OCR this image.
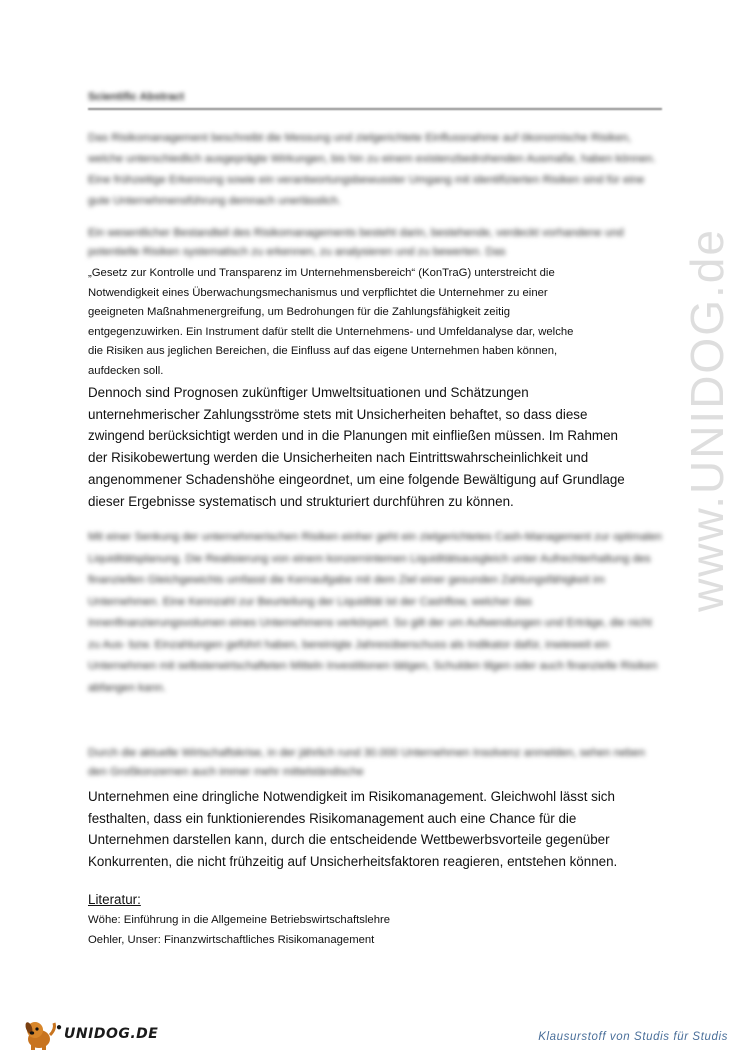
www.UNIDOG.de
Scientific Abstract

Das Risikomanagement beschreibt die Messung und zielgerichtete Einflussnahme auf ökonomische Risiken, welche unterschiedlich ausgeprägte Wirkungen, bis hin zu einem existenzbedrohenden Ausmaße, haben können. Eine frühzeitige Erkennung sowie ein verantwortungsbewusster Umgang mit identifizierten Risiken sind für eine gute Unternehmensführung demnach unerlässlich.

Ein wesentlicher Bestandteil des Risikomanagements besteht darin, bestehende, verdeckt vorhandene und potentielle Risiken systematisch zu erkennen, zu analysieren und zu bewerten. Das

„Gesetz zur Kontrolle und Transparenz im Unternehmensbereich“ (KonTraG) unterstreicht die
Notwendigkeit eines Überwachungsmechanismus und verpflichtet die Unternehmer zu einer
geeigneten Maßnahmenergreifung, um Bedrohungen für die Zahlungsfähigkeit zeitig
entgegenzuwirken. Ein Instrument dafür stellt die Unternehmens- und Umfeldanalyse dar, welche
die Risiken aus jeglichen Bereichen, die Einfluss auf das eigene Unternehmen haben können,
aufdecken soll.
Dennoch sind Prognosen zukünftiger Umweltsituationen und Schätzungen
unternehmerischer Zahlungsströme stets mit Unsicherheiten behaftet, so dass diese
zwingend berücksichtigt werden und in die Planungen mit einfließen müssen. Im Rahmen
der Risikobewertung werden die Unsicherheiten nach Eintrittswahrscheinlichkeit und
angenommener Schadenshöhe eingeordnet, um eine folgende Bewältigung auf Grundlage
dieser Ergebnisse systematisch und strukturiert durchführen zu können.

Mit einer Senkung der unternehmerischen Risiken einher geht ein zielgerichtetes Cash-Management zur optimalen Liquiditätsplanung. Die Realisierung von einem konzernintemen Liquiditätsausgleich unter Aufrechterhaltung des finanziellen Gleichgewichts umfasst die Kernaufgabe mit dem Ziel einer gesunden Zahlungsfähigkeit im Unternehmen. Eine Kennzahl zur Beurteilung der Liquidität ist der Cashflow, welcher das Innenfinanzierungsvolumen eines Unternehmens verkörpert. So gilt der um Aufwendungen und Erträge, die nicht zu Aus- bzw. Einzahlungen geführt haben, bereinigte Jahresüberschuss als Indikator dafür, inwieweit ein Unternehmen mit selbsterwirtschafteten Mitteln Investitionen tätigen, Schulden tilgen oder auch finanzielle Risiken abfangen kann.

Durch die aktuelle Wirtschaftskrise, in der jährlich rund 30.000 Unternehmen Insolvenz anmelden, sehen neben den Großkonzernen auch immer mehr mittelständische

Unternehmen eine dringliche Notwendigkeit im Risikomanagement. Gleichwohl lässt sich
festhalten, dass ein funktionierendes Risikomanagement auch eine Chance für die
Unternehmen darstellen kann, durch die entscheidende Wettbewerbsvorteile gegenüber
Konkurrenten, die nicht frühzeitig auf Unsicherheitsfaktoren reagieren, entstehen können.
Literatur:
Wöhe: Einführung in die Allgemeine Betriebswirtschaftslehre
Oehler, Unser: Finanzwirtschaftliches Risikomanagement
● UNIDOG.DE	Klausurstoff von Studis für Studis
